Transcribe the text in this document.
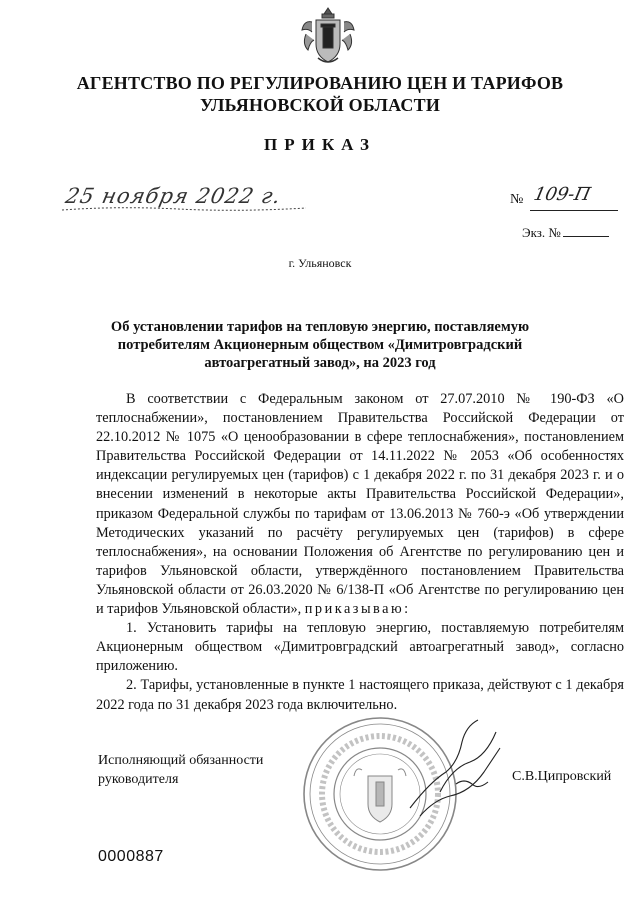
АГЕНТСТВО ПО РЕГУЛИРОВАНИЮ ЦЕН И ТАРИФОВ
УЛЬЯНОВСКОЙ ОБЛАСТИ
ПРИКАЗ
25 ноября 2022 г.	№ 109-П
Экз. №
г. Ульяновск
Об установлении тарифов на тепловую энергию, поставляемую
потребителям Акционерным обществом «Димитровградский
автоагрегатный завод», на 2023 год

В соответствии с Федеральным законом от 27.07.2010 № 190-ФЗ «О теплоснабжении», постановлением Правительства Российской Федерации от 22.10.2012 № 1075 «О ценообразовании в сфере теплоснабжения», постановлением Правительства Российской Федерации от 14.11.2022 № 2053 «Об особенностях индексации регулируемых цен (тарифов) с 1 декабря 2022 г. по 31 декабря 2023 г. и о внесении изменений в некоторые акты Правительства Российской Федерации», приказом Федеральной службы по тарифам от 13.06.2013 № 760-э «Об утверждении Методических указаний по расчёту регулируемых цен (тарифов) в сфере теплоснабжения», на основании Положения об Агентстве по регулированию цен и тарифов Ульяновской области, утверждённого постановлением Правительства Ульяновской области от 26.03.2020 № 6/138-П «Об Агентстве по регулированию цен и тарифов Ульяновской области», приказываю:

1. Установить тарифы на тепловую энергию, поставляемую потребителям Акционерным обществом «Димитровградский автоагрегатный завод», согласно приложению.

2. Тарифы, установленные в пункте 1 настоящего приказа, действуют с 1 декабря 2022 года по 31 декабря 2023 года включительно.

Исполняющий обязанности
руководителя	С.В.Ципровский
0000887
